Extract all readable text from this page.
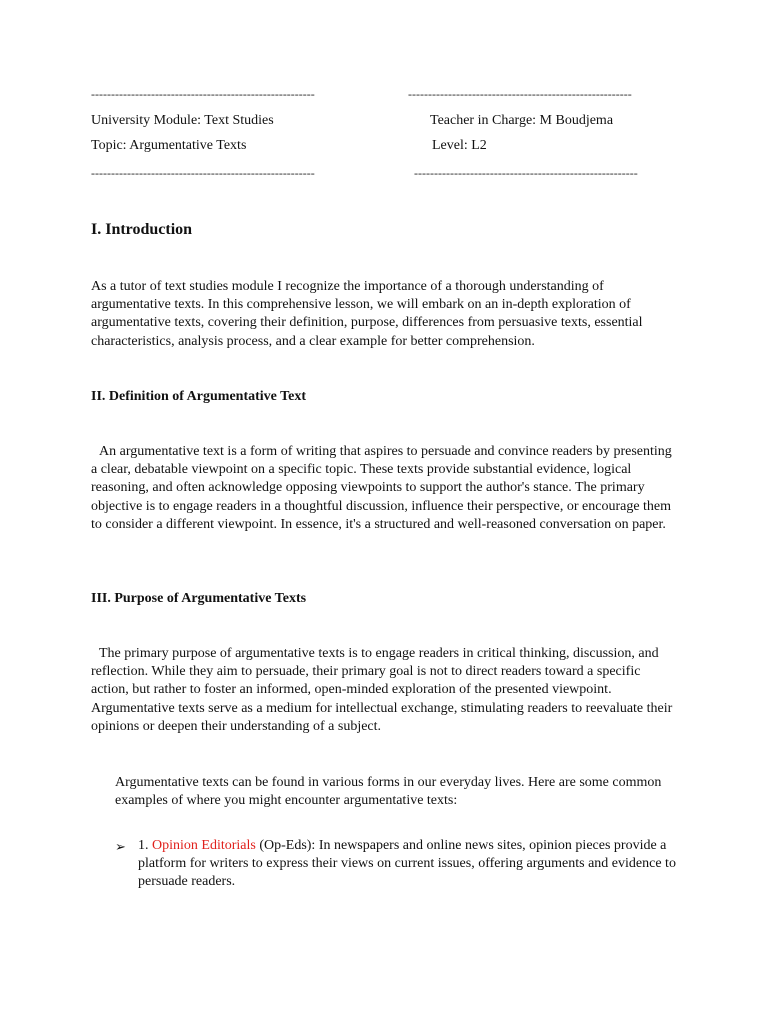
--------------------------------------------------------	--------------------------------------------------------
University Module: Text Studies	Teacher in Charge: M Boudjema
Topic: Argumentative Texts	Level: L2
--------------------------------------------------------	--------------------------------------------------------
I. Introduction

As a tutor of text studies module I recognize the importance of a thorough understanding of argumentative texts. In this comprehensive lesson, we will embark on an in-depth exploration of argumentative texts, covering their definition, purpose, differences from persuasive texts, essential characteristics, analysis process, and a clear example for better comprehension.

II. Definition of Argumentative Text

An argumentative text is a form of writing that aspires to persuade and convince readers by presenting a clear, debatable viewpoint on a specific topic. These texts provide substantial evidence, logical reasoning, and often acknowledge opposing viewpoints to support the author's stance. The primary objective is to engage readers in a thoughtful discussion, influence their perspective, or encourage them to consider a different viewpoint. In essence, it's a structured and well-reasoned conversation on paper.

III. Purpose of Argumentative Texts

The primary purpose of argumentative texts is to engage readers in critical thinking, discussion, and reflection. While they aim to persuade, their primary goal is not to direct readers toward a specific action, but rather to foster an informed, open-minded exploration of the presented viewpoint. Argumentative texts serve as a medium for intellectual exchange, stimulating readers to reevaluate their opinions or deepen their understanding of a subject.

Argumentative texts can be found in various forms in our everyday lives. Here are some common examples of where you might encounter argumentative texts:

➢ 1. Opinion Editorials (Op-Eds): In newspapers and online news sites, opinion pieces provide a platform for writers to express their views on current issues, offering arguments and evidence to persuade readers.
